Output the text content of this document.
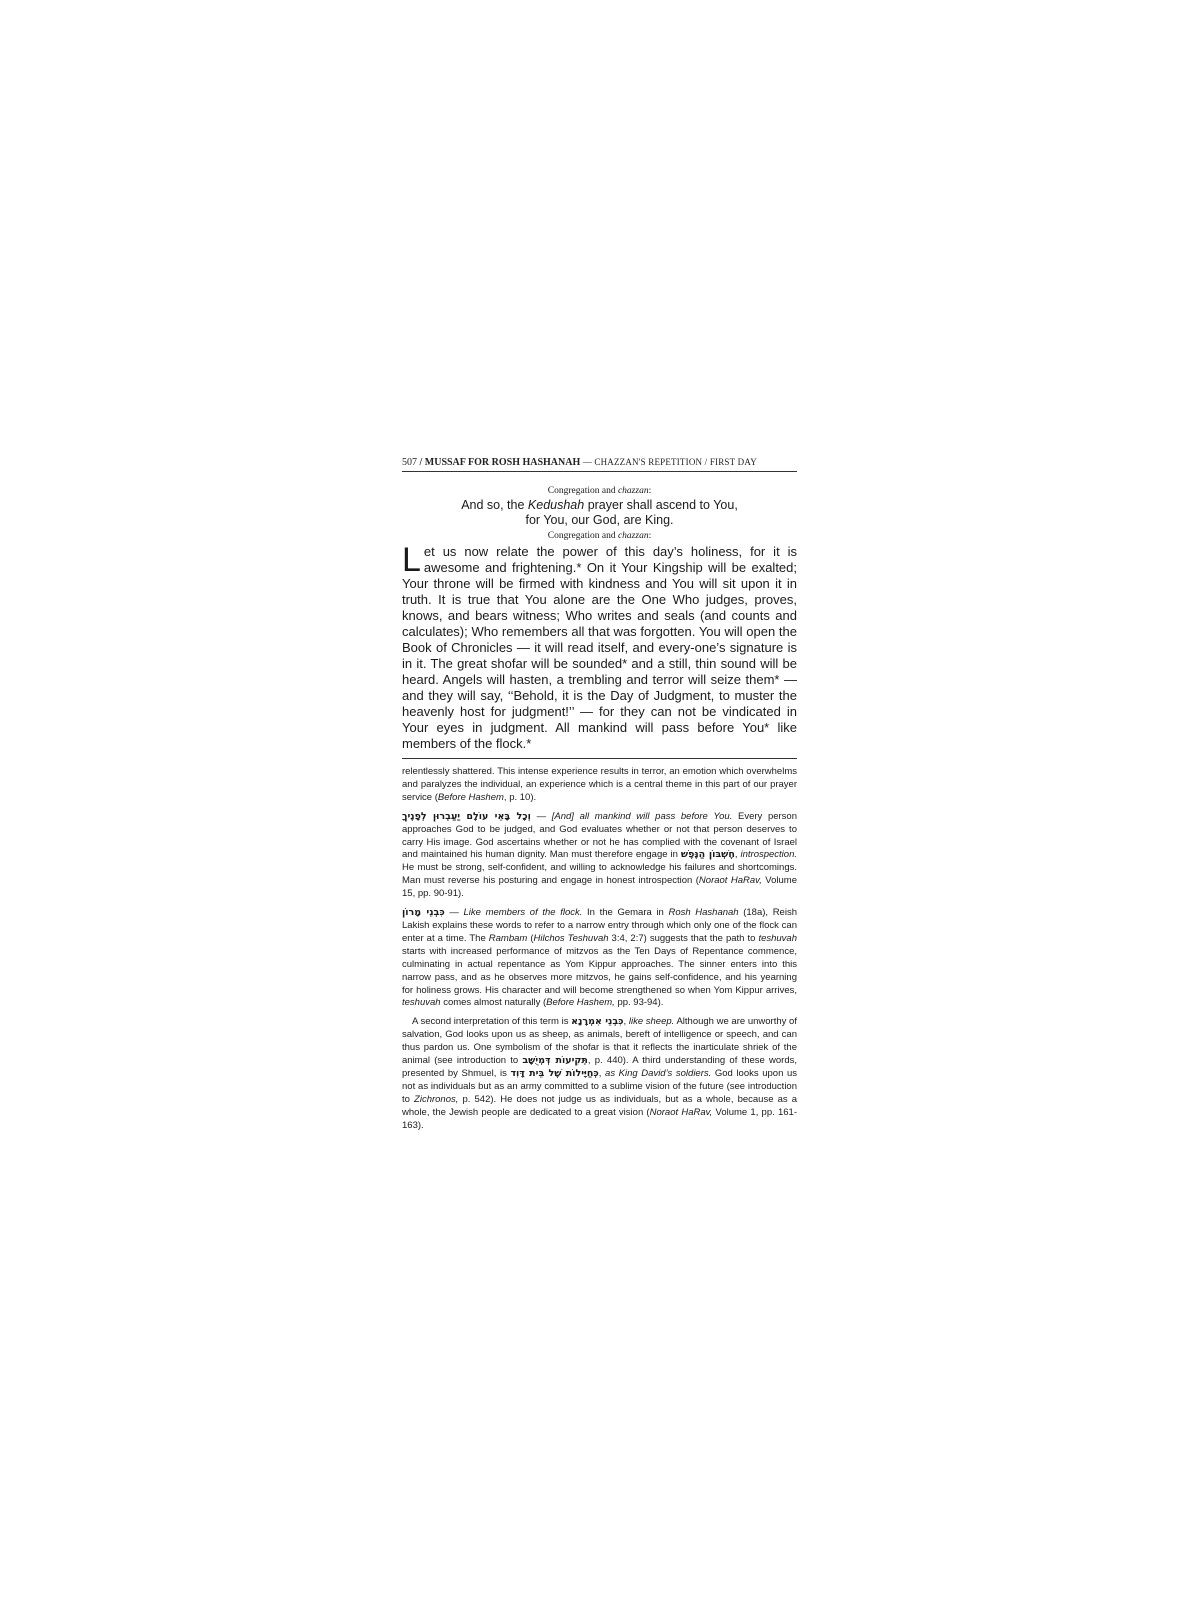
507 / MUSSAF FOR ROSH HASHANAH — CHAZZAN'S REPETITION / FIRST DAY
Congregation and chazzan:
And so, the Kedushah prayer shall ascend to You,
for You, our God, are King.
Congregation and chazzan:
Let us now relate the power of this day’s holiness, for it is awesome and frightening.* On it Your Kingship will be exalted; Your throne will be firmed with kindness and You will sit upon it in truth. It is true that You alone are the One Who judges, proves, knows, and bears witness; Who writes and seals (and counts and calculates); Who remembers all that was forgotten. You will open the Book of Chronicles — it will read itself, and every-one’s signature is in it. The great shofar will be sounded* and a still, thin sound will be heard. Angels will hasten, a trembling and terror will seize them* — and they will say, ‘‘Behold, it is the Day of Judgment, to muster the heavenly host for judgment!’’ — for they can not be vindicated in Your eyes in judgment. All mankind will pass before You* like members of the flock.*

relentlessly shattered. This intense experience results in terror, an emotion which overwhelms and paralyzes the individual, an experience which is a central theme in this part of our prayer service (Before Hashem, p. 10).

וְכָל בָּאֵי עוֹלָם יַעַבְרוּן לְפָנֶיךָ — [And] all mankind will pass before You. Every person approaches God to be judged, and God evaluates whether or not that person deserves to carry His image. God ascertains whether or not he has complied with the covenant of Israel and maintained his human dignity. Man must therefore engage in חֶשְׁבּוֹן הַנֶּפֶשׁ, introspection. He must be strong, self-confident, and willing to acknowledge his failures and shortcomings. Man must reverse his posturing and engage in honest introspection (Noraot HaRav, Volume 15, pp. 90-91).

כִּבְנֵי מָרוֹן — Like members of the flock. In the Gemara in Rosh Hashanah (18a), Reish Lakish explains these words to refer to a narrow entry through which only one of the flock can enter at a time. The Rambam (Hilchos Teshuvah 3:4, 2:7) suggests that the path to teshuvah starts with increased performance of mitzvos as the Ten Days of Repentance commence, culminating in actual repentance as Yom Kippur approaches. The sinner enters into this narrow pass, and as he observes more mitzvos, he gains self-confidence, and his yearning for holiness grows. His character and will become strengthened so when Yom Kippur arrives, teshuvah comes almost naturally (Before Hashem, pp. 93-94).

A second interpretation of this term is כִּבְנֵי אִמְרָנָא, like sheep. Although we are unworthy of salvation, God looks upon us as sheep, as animals, bereft of intelligence or speech, and can thus pardon us. One symbolism of the shofar is that it reflects the inarticulate shriek of the animal (see introduction to תְּקִיעוֹת דְּמְיֻשָּׁב, p. 440). A third understanding of these words, presented by Shmuel, is כְּחַיָּילוֹת שֶׁל בֵּית דָּוִד, as King David’s soldiers. God looks upon us not as individuals but as an army committed to a sublime vision of the future (see introduction to Zichronos, p. 542). He does not judge us as individuals, but as a whole, because as a whole, the Jewish people are dedicated to a great vision (Noraot HaRav, Volume 1, pp. 161-163).
